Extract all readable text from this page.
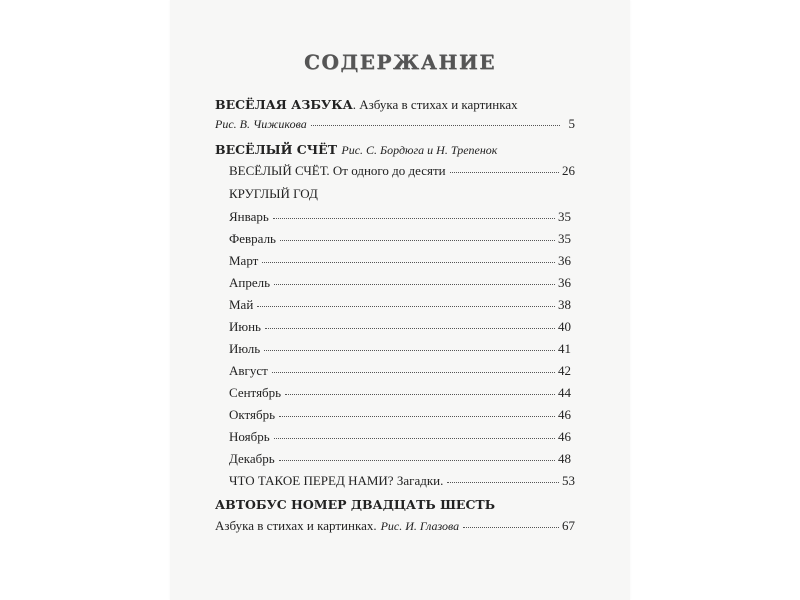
СОДЕРЖАНИЕ
ВЕСЁЛАЯ АЗБУКА. Азбука в стихах и картинках
Рис. В. Чижикова	5
ВЕСЁЛЫЙ СЧЁТ Рис. С. Бордюга и Н. Трепенок
ВЕСЁЛЫЙ СЧЁТ. От одного до десяти	26
КРУГЛЫЙ ГОД
Январь	35
Февраль	35
Март	36
Апрель	36
Май	38
Июнь	40
Июль	41
Август	42
Сентябрь	44
Октябрь	46
Ноябрь	46
Декабрь	48
ЧТО ТАКОЕ ПЕРЕД НАМИ? Загадки.	53
АВТОБУС НОМЕР ДВАДЦАТЬ ШЕСТЬ
Азбука в стихах и картинках. Рис. И. Глазова	67
